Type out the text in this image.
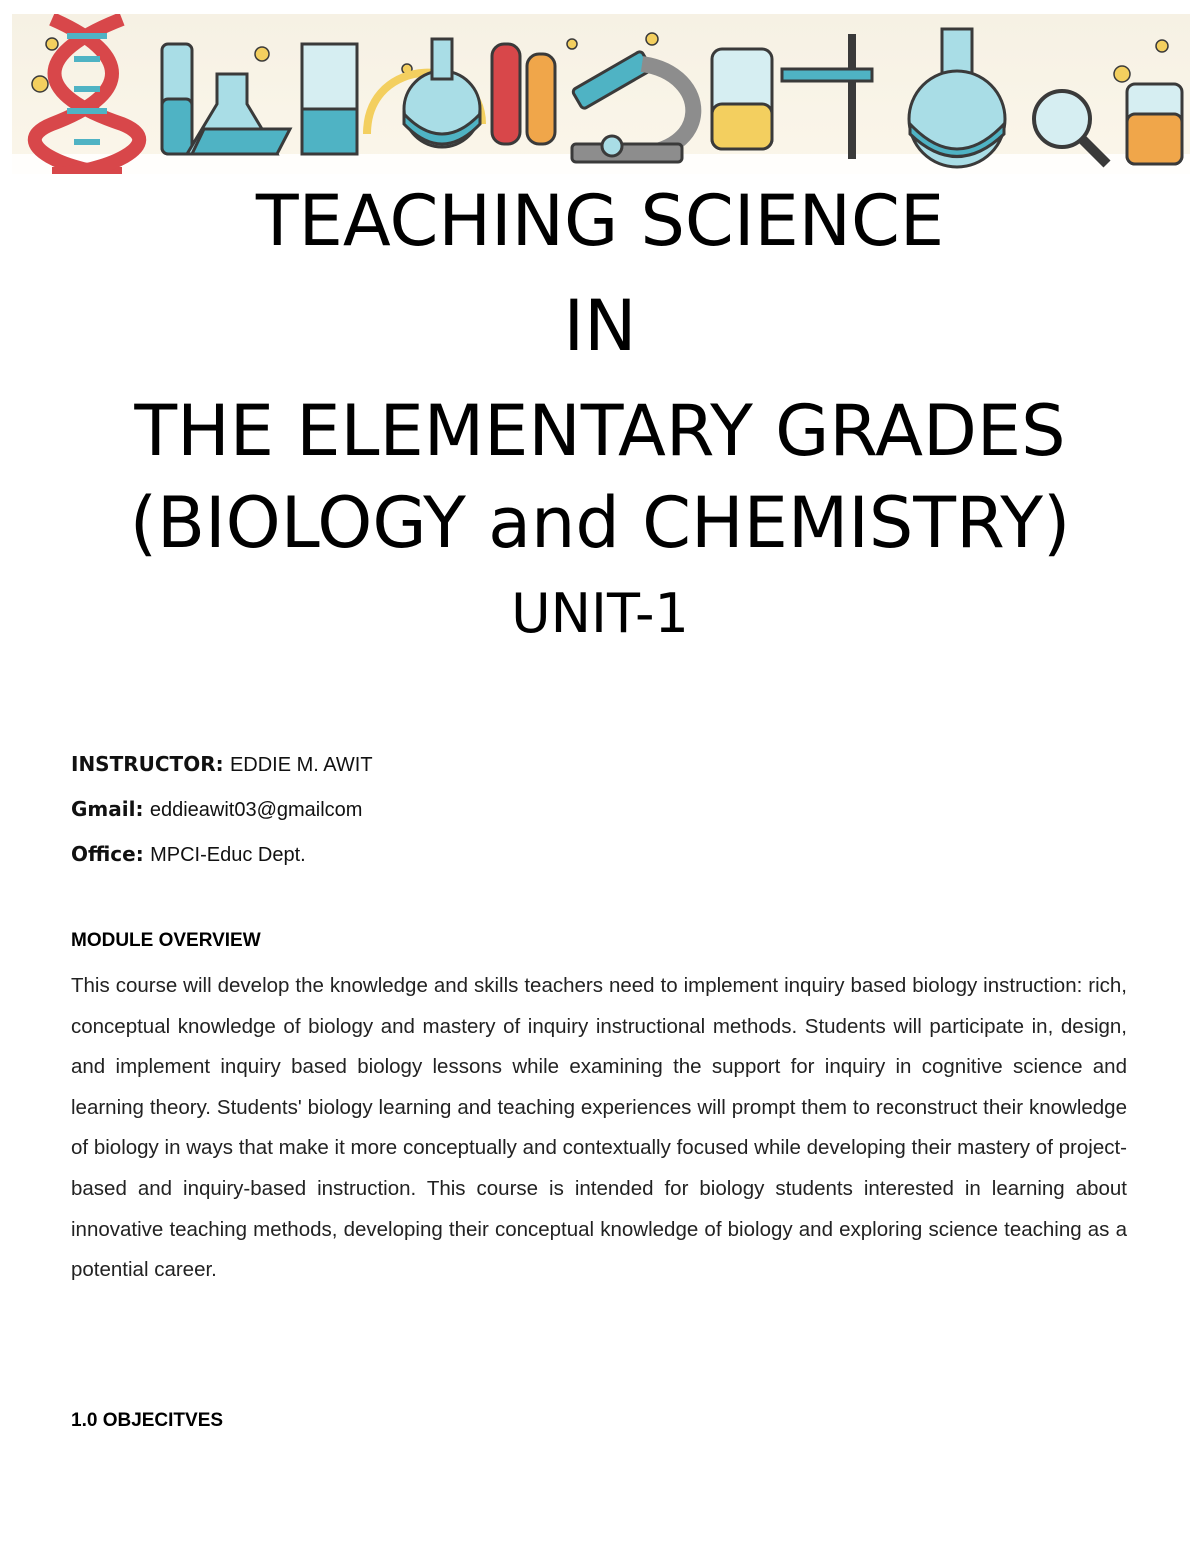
TEACHING SCIENCE
IN
THE ELEMENTARY GRADES
(BIOLOGY and CHEMISTRY)
UNIT-1
INSTRUCTOR: EDDIE M. AWIT
Gmail: eddieawit03@gmailcom
Office: MPCI-Educ Dept.
MODULE OVERVIEW

This course will develop the knowledge and skills teachers need to implement inquiry based biology instruction: rich, conceptual knowledge of biology and mastery of inquiry instructional methods. Students will participate in, design, and implement inquiry based biology lessons while examining the support for inquiry in cognitive science and learning theory. Students' biology learning and teaching experiences will prompt them to reconstruct their knowledge of biology in ways that make it more conceptually and contextually focused while developing their mastery of project-based and inquiry-based instruction. This course is intended for biology students interested in learning about innovative teaching methods, developing their conceptual knowledge of biology and exploring science teaching as a potential career.

1.0 OBJECITVES
